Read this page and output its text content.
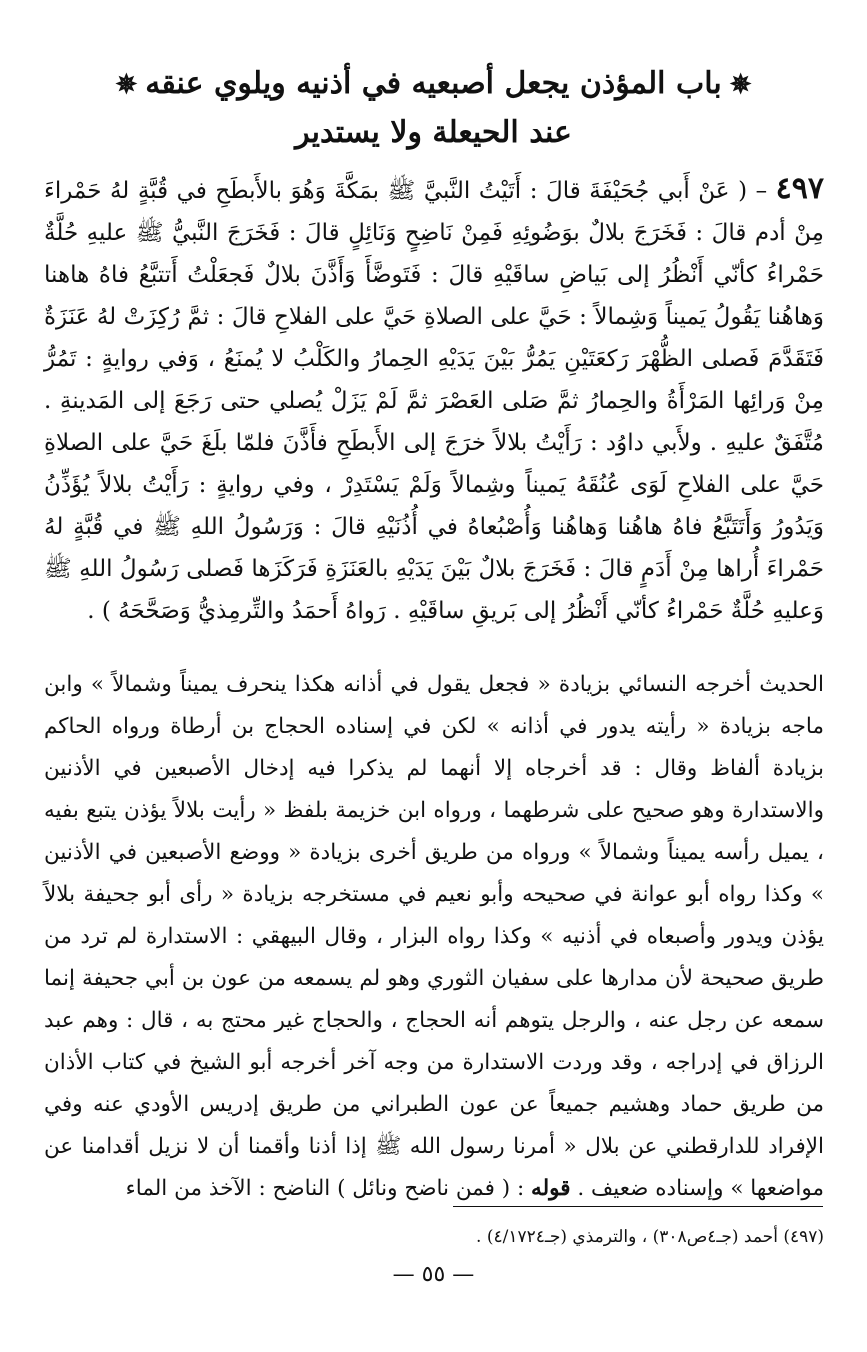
✵باب المؤذن يجعل أصبعيه في أذنيه ويلوي عنقه✵
عند الحيعلة ولا يستدير
٤٩٧ – ( عَنْ أَبي جُحَيْفَةَ قالَ : أَتَيْتُ النَّبيَّ ﷺ بمَكَّةَ وَهُوَ بالأَبطَحِ في قُبَّةٍ لهُ حَمْراءَ مِنْ أدم قالَ : فَخَرَجَ بلالٌ بوَضُوئِهِ فَمِنْ نَاضِحٍ وَنَائِلٍ قالَ : فَخَرَجَ النَّبيُّ ﷺ عليهِ حُلَّةٌ حَمْراءُ كأنّي أَنْظُرُ إلى بَياضِ ساقَيْهِ قالَ : فَتَوضَّأَ وَأَذَّنَ بلالٌ فَجعَلْتُ أَتتبَّعُ فاهُ هاهنا وَهاهُنا يَقُولُ يَميناً وَشِمالاً : حَيَّ على الصلاةِ حَيَّ على الفلاحِ قالَ : ثمَّ رُكِزَتْ لهُ عَنَزَةٌ فَتَقَدَّمَ فَصلى الظُّهْرَ رَكعَتَيْنِ يَمُرُّ بَيْنَ يَدَيْهِ الحِمارُ والكَلْبُ لا يُمنَعُ ، وَفي روايةٍ : تَمُرُّ مِنْ وَرائِها المَرْأَةُ والحِمارُ ثمَّ صَلى العَصْرَ ثمَّ لَمْ يَزَلْ يُصلي حتى رَجَعَ إلى المَدينةِ . مُتَّفَقٌ عليهِ . ولأَبي داوُد : رَأَيْتُ بلالاً خرَجَ إلى الأَبطَحِ فأَذَّنَ فلمّا بلَغَ حَيَّ على الصلاةِ حَيَّ على الفلاحِ لَوَى عُنُقَهُ يَميناً وشِمالاً وَلَمْ يَسْتَدِرْ ، وفي روايةٍ : رَأَيْتُ بلالاً يُؤَذِّنُ وَيَدُورُ وَأَتَتَبَّعُ فاهُ هاهُنا وَهاهُنا وَأُصْبُعاهُ في أُذُنَيْهِ قالَ : وَرَسُولُ اللهِ ﷺ في قُبَّةٍ لهُ حَمْراءَ أُراها مِنْ أَدَمٍ قالَ : فَخَرَجَ بلالٌ بَيْنَ يَدَيْهِ بالعَنَزَةِ فَرَكَزَها فَصلى رَسُولُ اللهِ ﷺ وَعليهِ حُلَّةٌ حَمْراءُ كأنّي أَنْظُرُ إلى بَريقِ ساقَيْهِ . رَواهُ أَحمَدُ والتِّرمِذيُّ وَصَحَّحَهُ ) .
الحديث أخرجه النسائي بزيادة « فجعل يقول في أذانه هكذا ينحرف يميناً وشمالاً » وابن ماجه بزيادة « رأيته يدور في أذانه » لكن في إسناده الحجاج بن أرطاة ورواه الحاكم بزيادة ألفاظ وقال : قد أخرجاه إلا أنهما لم يذكرا فيه إدخال الأصبعين في الأذنين والاستدارة وهو صحيح على شرطهما ، ورواه ابن خزيمة بلفظ « رأيت بلالاً يؤذن يتبع بفيه ، يميل رأسه يميناً وشمالاً » ورواه من طريق أخرى بزيادة « ووضع الأصبعين في الأذنين » وكذا رواه أبو عوانة في صحيحه وأبو نعيم في مستخرجه بزيادة « رأى أبو جحيفة بلالاً يؤذن ويدور وأصبعاه في أذنيه » وكذا رواه البزار ، وقال البيهقي : الاستدارة لم ترد من طريق صحيحة لأن مدارها على سفيان الثوري وهو لم يسمعه من عون بن أبي جحيفة إنما سمعه عن رجل عنه ، والرجل يتوهم أنه الحجاج ، والحجاج غير محتج به ، قال : وهم عبد الرزاق في إدراجه ، وقد وردت الاستدارة من وجه آخر أخرجه أبو الشيخ في كتاب الأذان من طريق حماد وهشيم جميعاً عن عون الطبراني من طريق إدريس الأودي عنه وفي الإفراد للدارقطني عن بلال « أمرنا رسول الله ﷺ إذا أذنا وأقمنا أن لا نزيل أقدامنا عن مواضعها » وإسناده ضعيف . قوله : ( فمن ناضح ونائل ) الناضح : الآخذ من الماء
(٤٩٧) أحمد (جـ٤ص٣٠٨) ، والترمذي (جـ٤/١٧٢٤) .
— ٥٥ —
